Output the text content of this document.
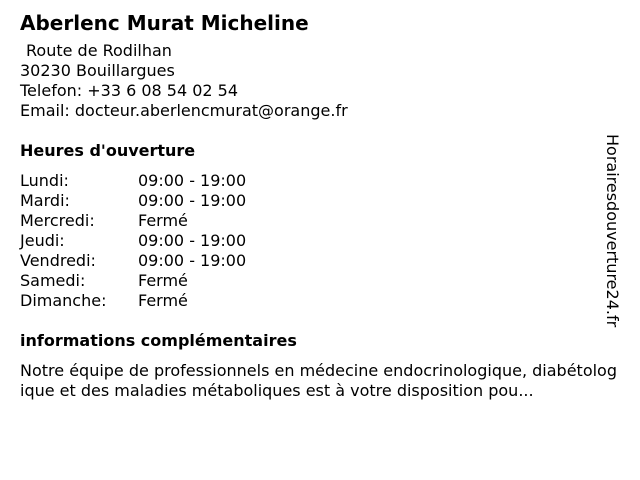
Aberlenc Murat Micheline
Route de Rodilhan
30230 Bouillargues
Telefon: +33 6 08 54 02 54
Email: docteur.aberlencmurat@orange.fr
Heures d'ouverture
Lundi:	09:00 - 19:00
Mardi:	09:00 - 19:00
Mercredi:	Fermé
Jeudi:	09:00 - 19:00
Vendredi:	09:00 - 19:00
Samedi:	Fermé
Dimanche:	Fermé
informations complémentaires
Notre équipe de professionnels en médecine endocrinologique, diabétologique et des maladies métaboliques est à votre disposition pou...
Horairesdouverture24.fr
